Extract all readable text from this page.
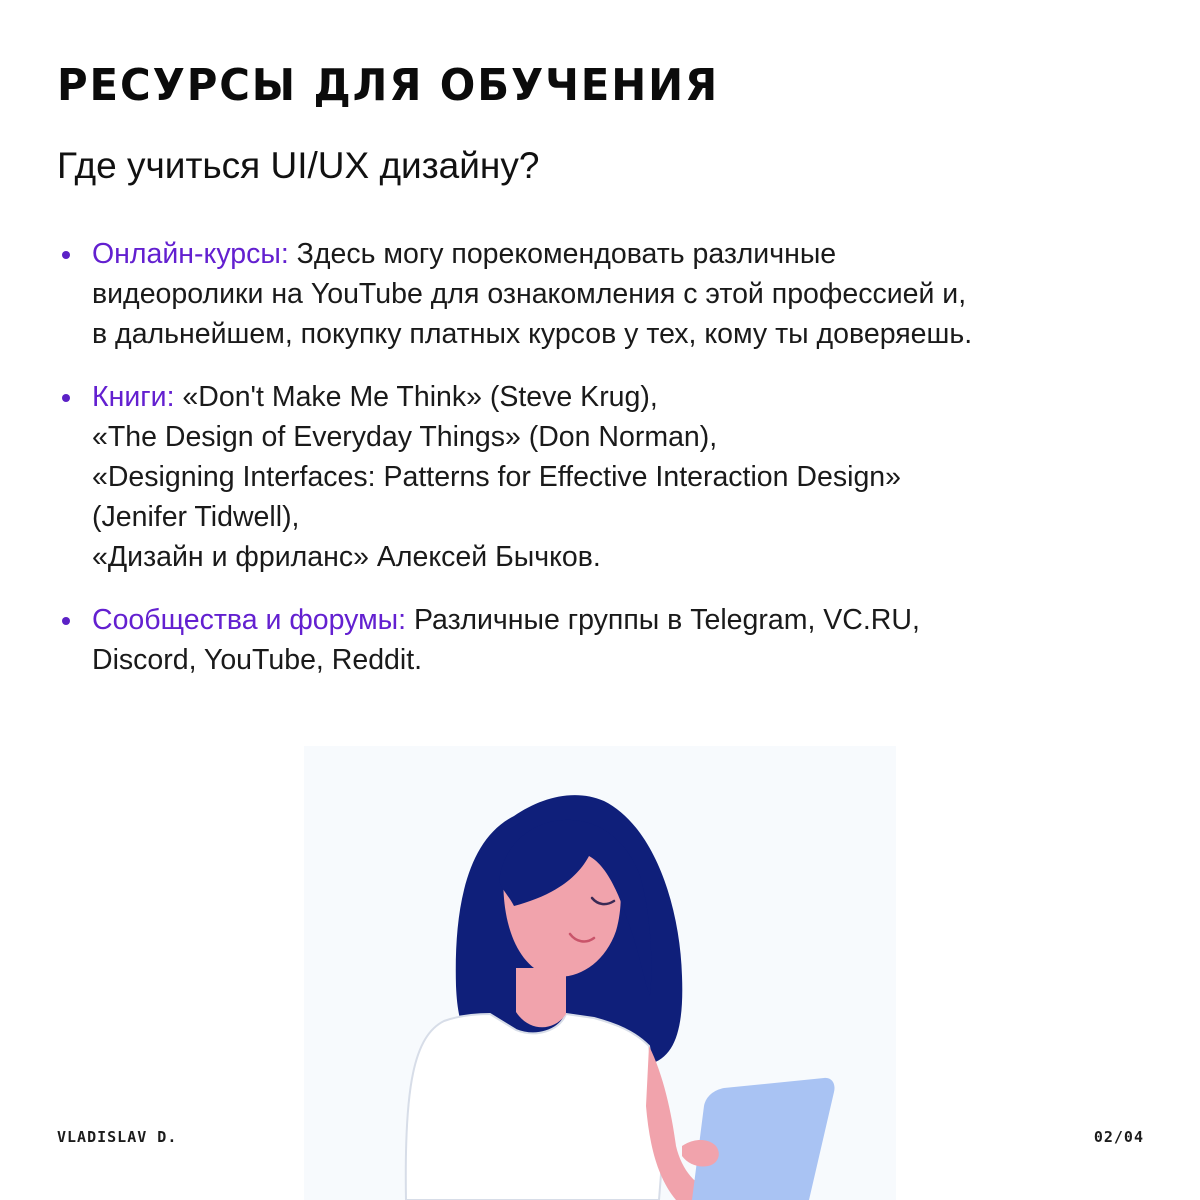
РЕСУРСЫ ДЛЯ ОБУЧЕНИЯ
Где учиться UI/UX дизайну?
Онлайн-курсы: Здесь могу порекомендовать различные
видеоролики на YouTube для ознакомления с этой профессией и,
в дальнейшем, покупку платных курсов у тех, кому ты доверяешь.
Книги: «Don't Make Me Think» (Steve Krug),
«The Design of Everyday Things» (Don Norman),
«Designing Interfaces: Patterns for Effective Interaction Design»
(Jenifer Tidwell),
«Дизайн и фриланс» Алексей Бычков.
Сообщества и форумы: Различные группы в Telegram, VC.RU,
Discord, YouTube, Reddit.
VLADISLAV D.	02/04
